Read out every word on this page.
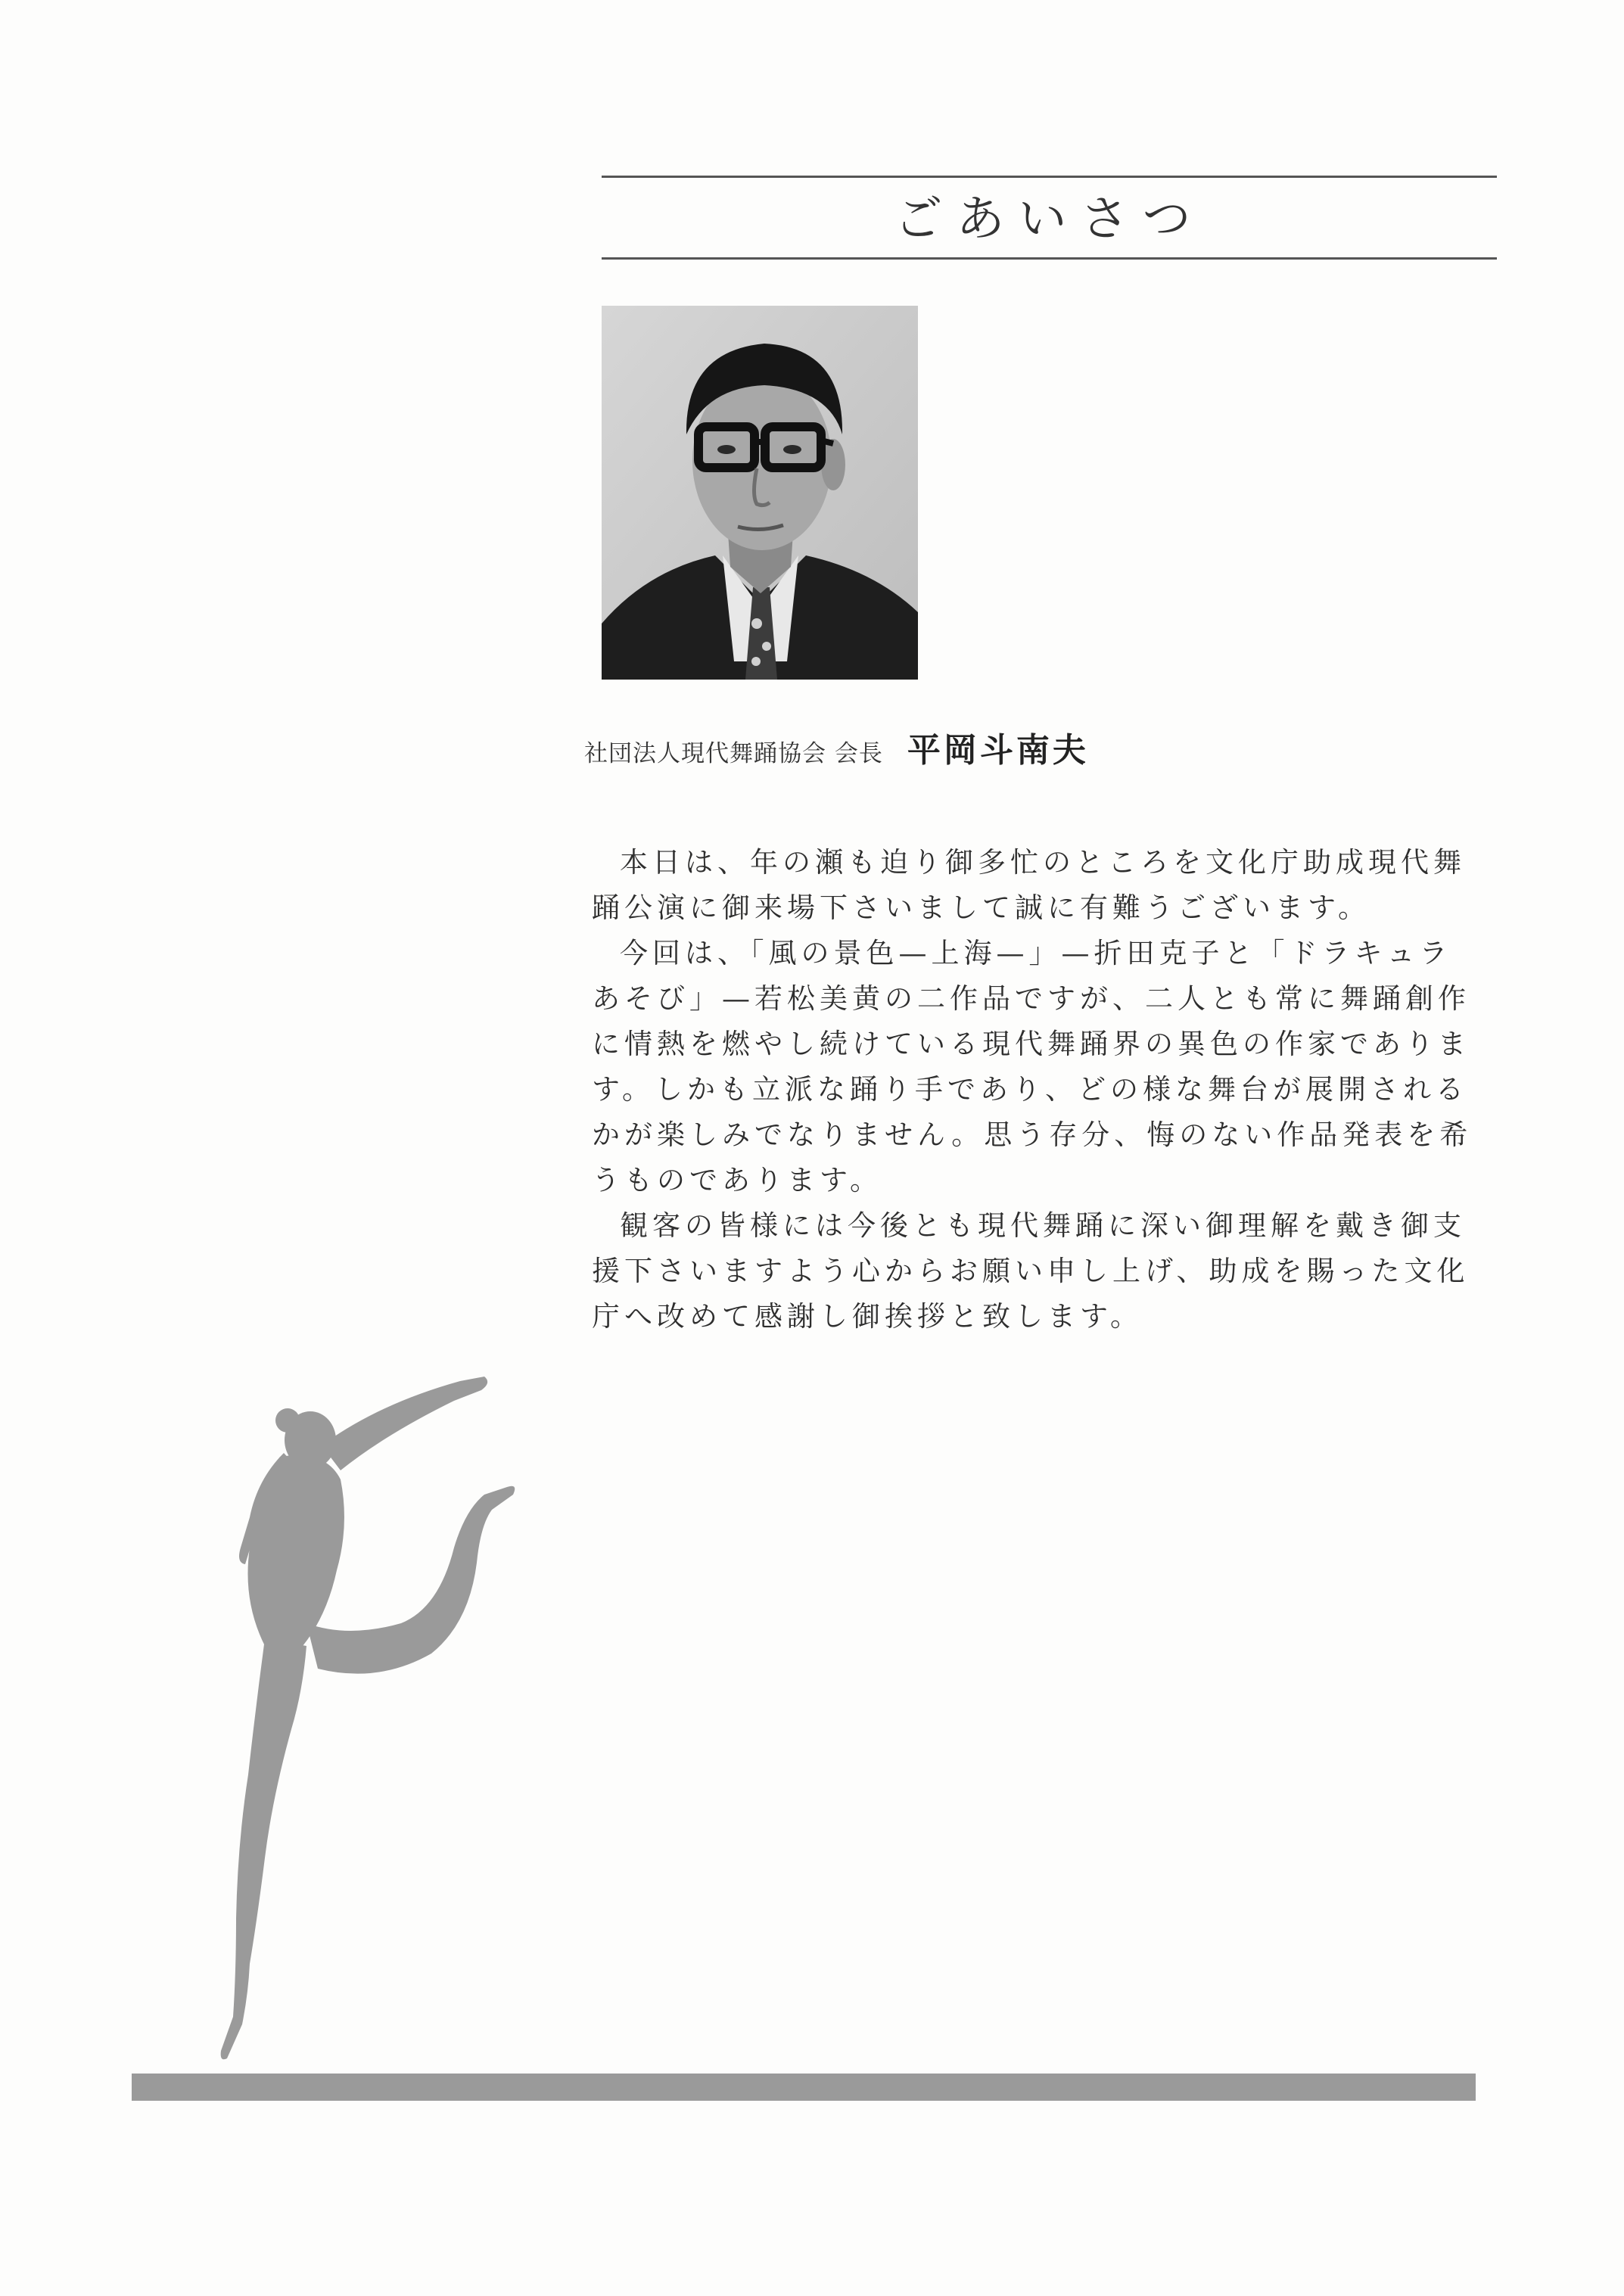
ごあいさつ
社団法人現代舞踊協会 会長 平岡斗南夫

本日は、年の瀬も迫り御多忙のところを文化庁助成現代舞踊公演に御来場下さいまして誠に有難うございます。

今回は、「風の景色—上海—」—折田克子と「ドラキュラあそび」—若松美黄の二作品ですが、二人とも常に舞踊創作に情熱を燃やし続けている現代舞踊界の異色の作家であります。しかも立派な踊り手であり、どの様な舞台が展開されるかが楽しみでなりません。思う存分、悔のない作品発表を希うものであります。

観客の皆様には今後とも現代舞踊に深い御理解を戴き御支援下さいますよう心からお願い申し上げ、助成を賜った文化庁へ改めて感謝し御挨拶と致します。
